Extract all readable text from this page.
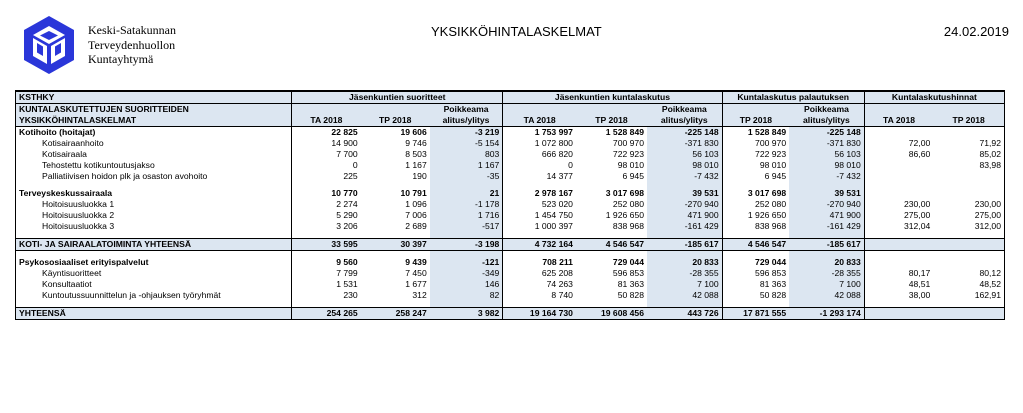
Keski-Satakunnan
Terveydenhuollon
Kuntayhtymä
YKSIKKÖHINTALASKELMAT	24.02.2019
KSTHKY	Jäsenkuntien suoritteet			Jäsenkuntien kuntalaskutus			Kuntalaskutus palautuksen		Kuntalaskutushinnat	
KUNTALASKUTETTUJEN SUORITTEIDEN			Poikkeama			Poikkeama		Poikkeama		
YKSIKKÖHINTALASKELMAT	TA 2018	TP 2018	alitus/ylitys	TA 2018	TP 2018	alitus/ylitys	TP 2018	alitus/ylitys	TA 2018	TP 2018
Kotihoito (hoitajat)	22 825	19 606	-3 219	1 753 997	1 528 849	-225 148	1 528 849	-225 148		
Kotisairaanhoito	14 900	9 746	-5 154	1 072 800	700 970	-371 830	700 970	-371 830	72,00	71,92
Kotisairaala	7 700	8 503	803	666 820	722 923	56 103	722 923	56 103	86,60	85,02
Tehostettu kotikuntoutusjakso	0	1 167	1 167	0	98 010	98 010	98 010	98 010		83,98
Palliatiivisen hoidon plk ja osaston avohoito	225	190	-35	14 377	6 945	-7 432	6 945	-7 432		

Terveyskeskussairaala	10 770	10 791	21	2 978 167	3 017 698	39 531	3 017 698	39 531		
Hoitoisuusluokka 1	2 274	1 096	-1 178	523 020	252 080	-270 940	252 080	-270 940	230,00	230,00
Hoitoisuusluokka 2	5 290	7 006	1 716	1 454 750	1 926 650	471 900	1 926 650	471 900	275,00	275,00
Hoitoisuusluokka 3	3 206	2 689	-517	1 000 397	838 968	-161 429	838 968	-161 429	312,04	312,00

KOTI- JA SAIRAALATOIMINTA YHTEENSÄ	33 595	30 397	-3 198	4 732 164	4 546 547	-185 617	4 546 547	-185 617		

Psykososiaaliset erityispalvelut	9 560	9 439	-121	708 211	729 044	20 833	729 044	20 833		
Käyntisuoritteet	7 799	7 450	-349	625 208	596 853	-28 355	596 853	-28 355	80,17	80,12
Konsultaatiot	1 531	1 677	146	74 263	81 363	7 100	81 363	7 100	48,51	48,52
Kuntoutussuunnittelun ja -ohjauksen työryhmät	230	312	82	8 740	50 828	42 088	50 828	42 088	38,00	162,91

YHTEENSÄ	254 265	258 247	3 982	19 164 730	19 608 456	443 726	17 871 555	-1 293 174		
